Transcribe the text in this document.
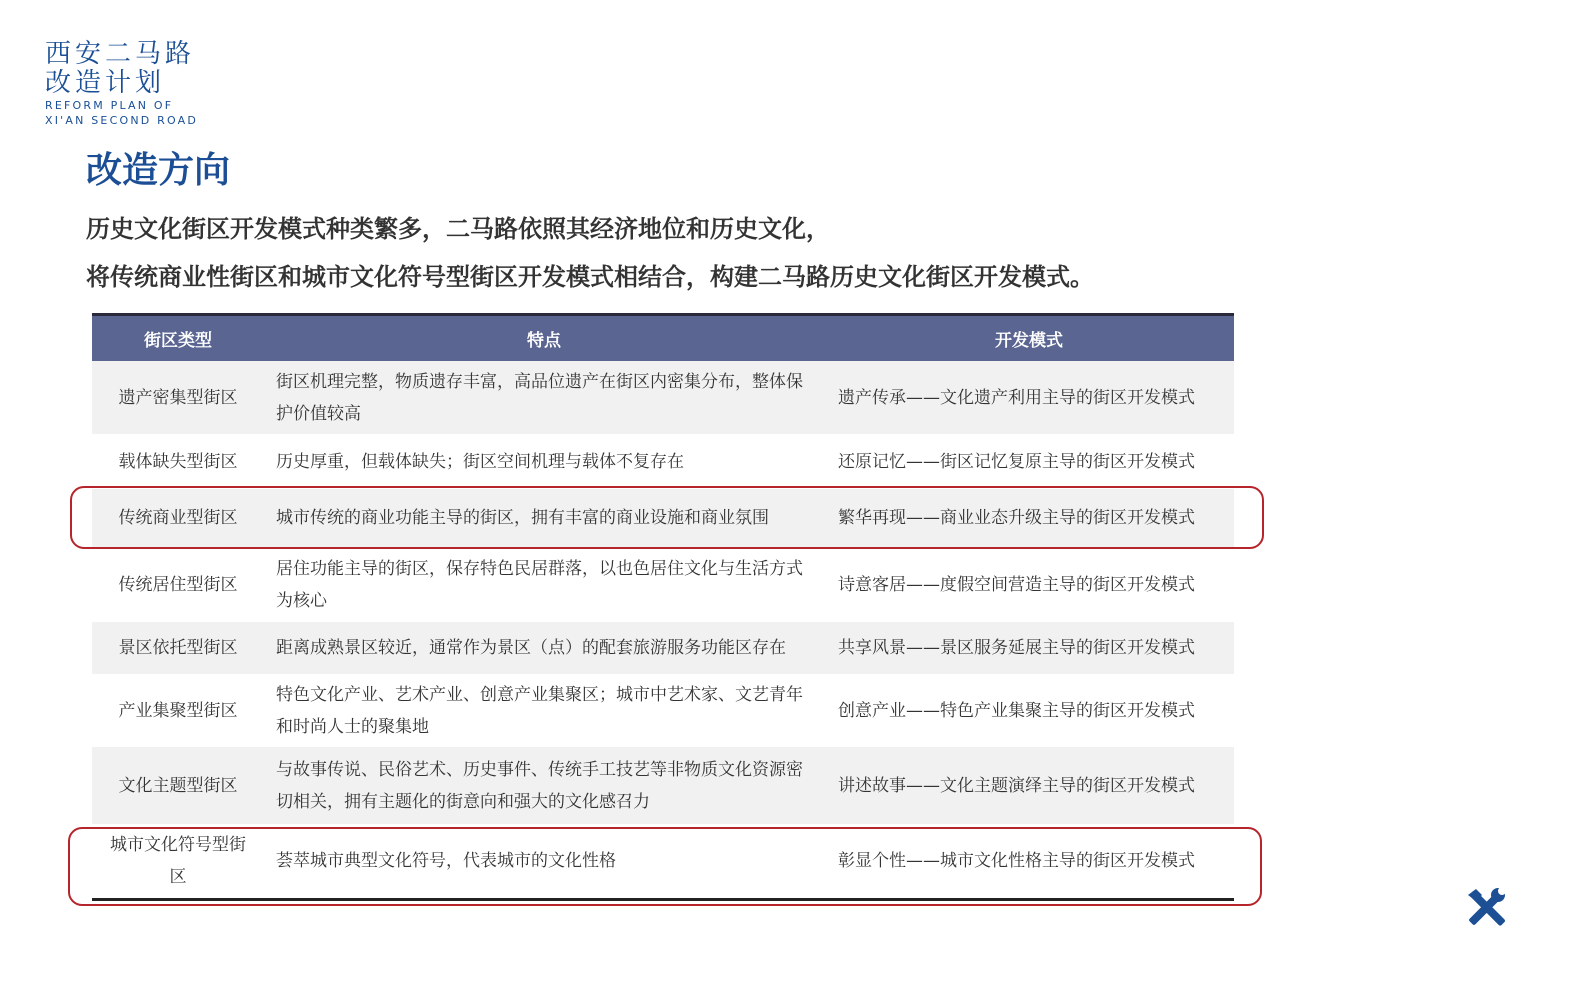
西安二马路
改造计划
REFORM PLAN OF
XI'AN SECOND ROAD
改造方向

历史文化街区开发模式种类繁多，二马路依照其经济地位和历史文化，

将传统商业性街区和城市文化符号型街区开发模式相结合，构建二马路历史文化街区开发模式。

街区类型	特点	开发模式
遗产密集型街区	街区机理完整，物质遗存丰富，高品位遗产在街区内密集分布，整体保护价值较高	遗产传承——文化遗产利用主导的街区开发模式
载体缺失型街区	历史厚重，但载体缺失；街区空间机理与载体不复存在	还原记忆——街区记忆复原主导的街区开发模式
传统商业型街区	城市传统的商业功能主导的街区，拥有丰富的商业设施和商业氛围	繁华再现——商业业态升级主导的街区开发模式
传统居住型街区	居住功能主导的街区，保存特色民居群落，以也色居住文化与生活方式为核心	诗意客居——度假空间营造主导的街区开发模式
景区依托型街区	距离成熟景区较近，通常作为景区（点）的配套旅游服务功能区存在	共享风景——景区服务延展主导的街区开发模式
产业集聚型街区	特色文化产业、艺术产业、创意产业集聚区；城市中艺术家、文艺青年和时尚人士的聚集地	创意产业——特色产业集聚主导的街区开发模式
文化主题型街区	与故事传说、民俗艺术、历史事件、传统手工技艺等非物质文化资源密切相关，拥有主题化的街意向和强大的文化感召力	讲述故事——文化主题演绎主导的街区开发模式
城市文化符号型街区	荟萃城市典型文化符号，代表城市的文化性格	彰显个性——城市文化性格主导的街区开发模式
